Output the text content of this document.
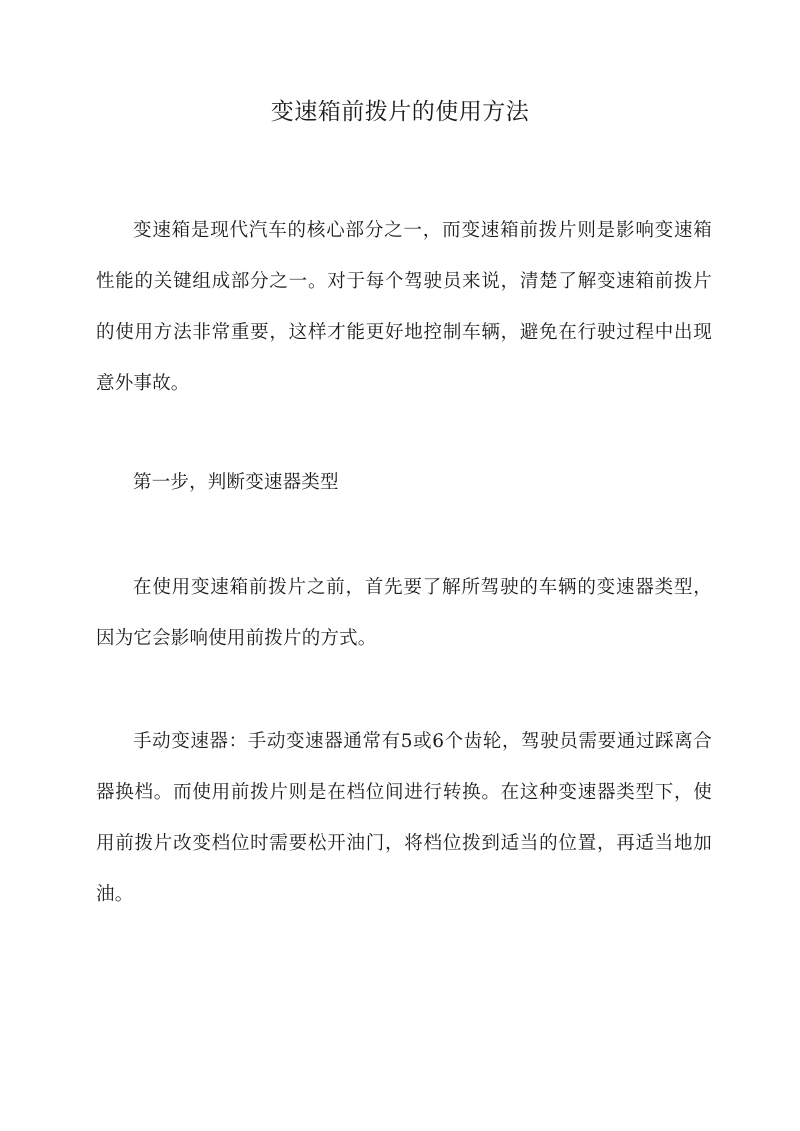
变速箱前拨片的使用方法

变速箱是现代汽车的核心部分之一，而变速箱前拨片则是影响变速箱性能的关键组成部分之一。对于每个驾驶员来说，清楚了解变速箱前拨片的使用方法非常重要，这样才能更好地控制车辆，避免在行驶过程中出现意外事故。

第一步，判断变速器类型

在使用变速箱前拨片之前，首先要了解所驾驶的车辆的变速器类型，因为它会影响使用前拨片的方式。

手动变速器：手动变速器通常有5或6个齿轮，驾驶员需要通过踩离合器换档。而使用前拨片则是在档位间进行转换。在这种变速器类型下，使用前拨片改变档位时需要松开油门，将档位拨到适当的位置，再适当地加油。
